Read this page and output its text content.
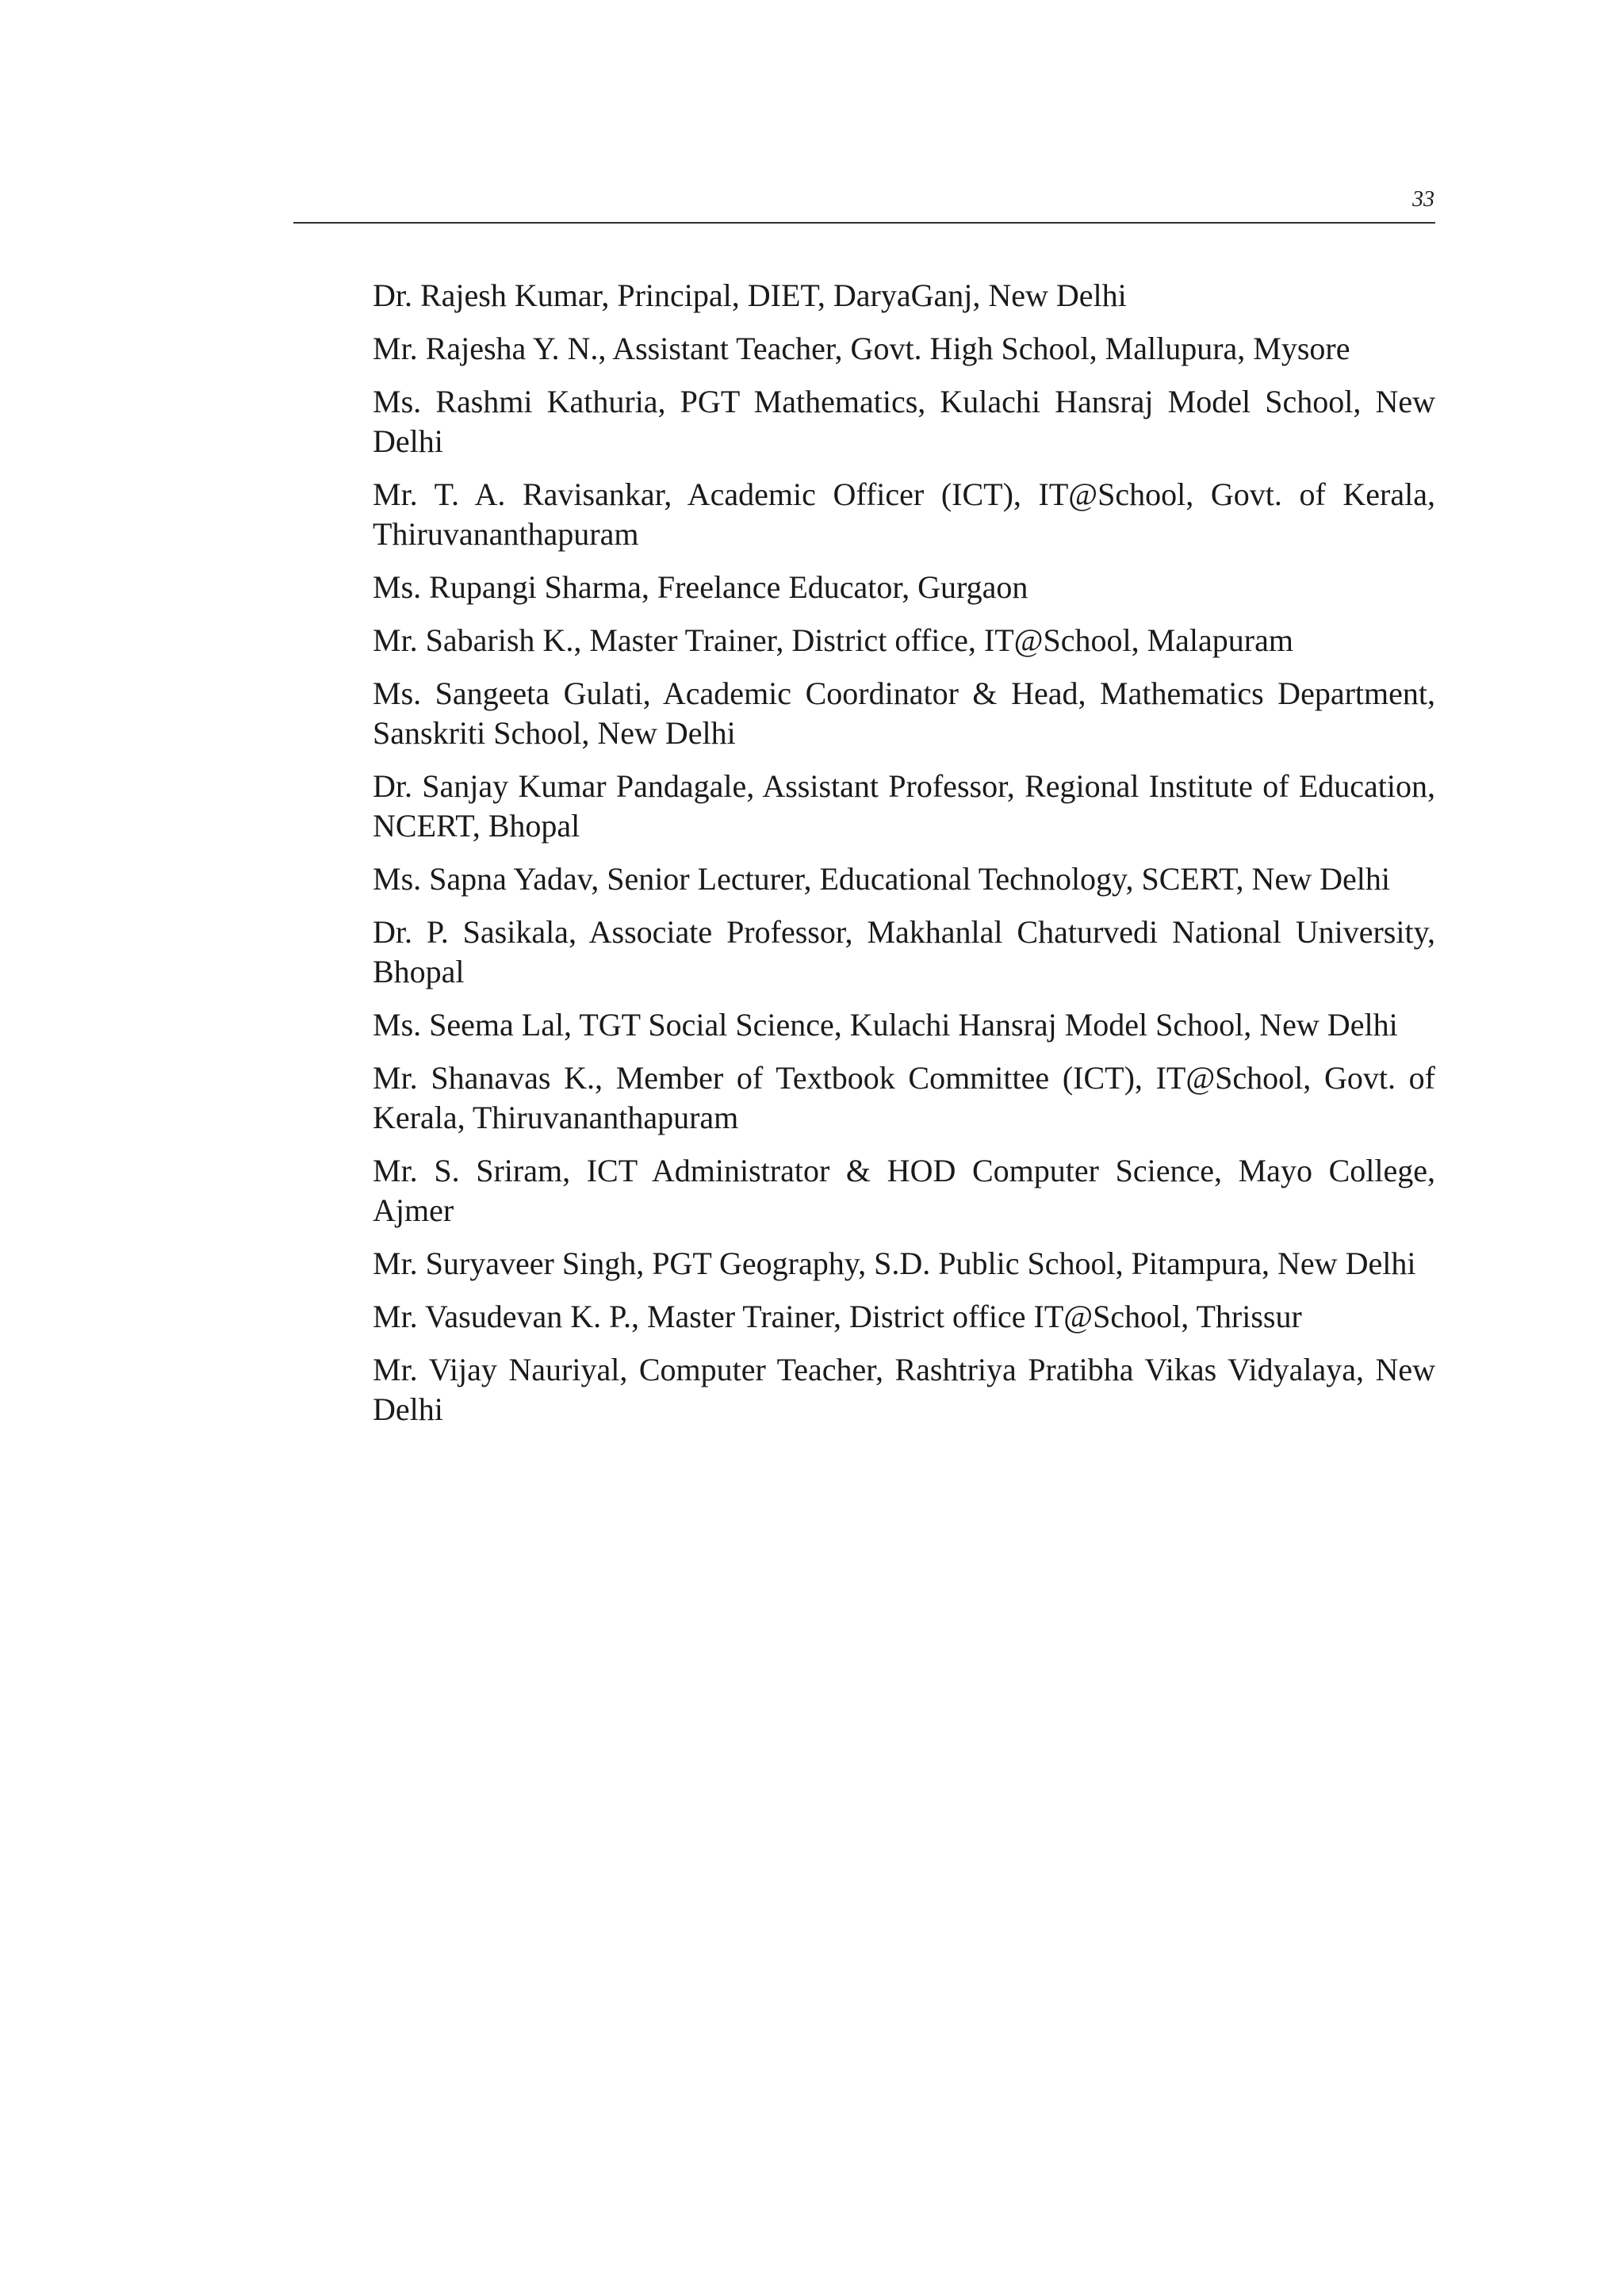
33
Dr. Rajesh Kumar, Principal, DIET, DaryaGanj, New Delhi
Mr. Rajesha Y. N., Assistant Teacher, Govt. High School, Mallupura, Mysore
Ms. Rashmi Kathuria, PGT Mathematics, Kulachi Hansraj Model School, New Delhi
Mr. T. A. Ravisankar, Academic Officer (ICT), IT@School, Govt. of Kerala, Thiruvananthapuram
Ms. Rupangi Sharma, Freelance Educator, Gurgaon
Mr. Sabarish K., Master Trainer, District office, IT@School, Malapuram
Ms. Sangeeta Gulati, Academic Coordinator & Head, Mathematics Department, Sanskriti School, New Delhi
Dr. Sanjay Kumar Pandagale, Assistant Professor, Regional Institute of Education, NCERT, Bhopal
Ms. Sapna Yadav, Senior Lecturer, Educational Technology, SCERT, New Delhi
Dr. P. Sasikala, Associate Professor, Makhanlal Chaturvedi National University, Bhopal
Ms. Seema Lal, TGT Social Science, Kulachi Hansraj Model School, New Delhi
Mr. Shanavas K., Member of Textbook Committee (ICT), IT@School, Govt. of Kerala, Thiruvananthapuram
Mr. S. Sriram, ICT Administrator & HOD Computer Science, Mayo College, Ajmer
Mr. Suryaveer Singh, PGT Geography, S.D. Public School, Pitampura, New Delhi
Mr. Vasudevan K. P., Master Trainer, District office IT@School, Thrissur
Mr. Vijay Nauriyal, Computer Teacher, Rashtriya Pratibha Vikas Vidyalaya, New Delhi
